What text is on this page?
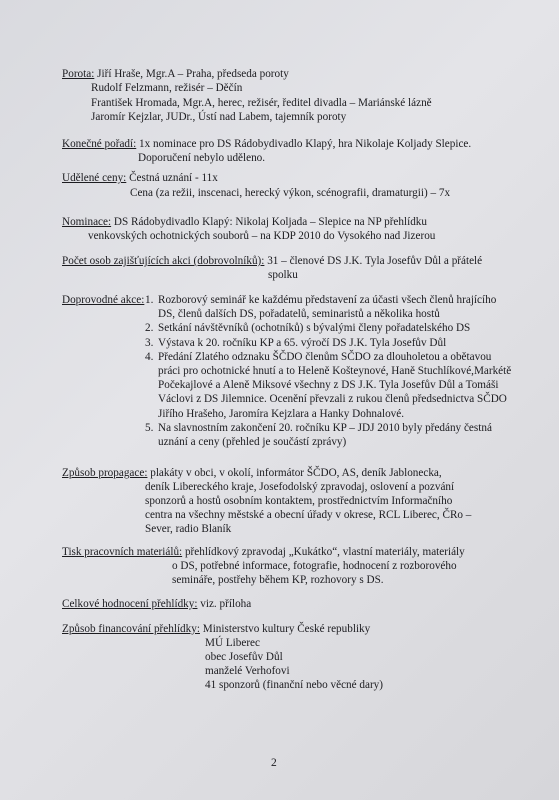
Porota: Jiří Hraše, Mgr.A – Praha, předseda poroty
Rudolf Felzmann, režisér – Děčín
František Hromada, Mgr.A, herec, režisér, ředitel divadla – Mariánské lázně
Jaromír Kejzlar, JUDr., Ústí nad Labem, tajemník poroty
Konečné pořadí: 1x nominace pro DS Rádobydivadlo Klapý, hra Nikolaje Koljady Slepice.
Doporučení nebylo uděleno.
Udělené ceny: Čestná uznání - 11x
Cena (za režii, inscenaci, herecký výkon, scénografii, dramaturgii) – 7x
Nominace: DS Rádobydivadlo Klapý: Nikolaj Koljada – Slepice na NP přehlídku
venkovských ochotnických souborů – na KDP 2010 do Vysokého nad Jizerou
Počet osob zajišťujících akci (dobrovolníků): 31 – členové DS J.K. Tyla Josefův Důl a přátelé
spolku
Doprovodné akce: 1. Rozborový seminář ke každému představení za účasti všech členů hrajícího DS, členů dalších DS, pořadatelů, seminaristů a několika hostů
2. Setkání návštěvníků (ochotníků) s bývalými členy pořadatelského DS
3. Výstava k 20. ročníku KP a 65. výročí DS J.K. Tyla Josefův Důl
4. Předání Zlatého odznaku ŠČDO členům SČDO za dlouholetou a obětavou práci pro ochotnické hnutí a to Heleně Košteynové, Haně Stuchlíkové,Markétě Počekajlové a Aleně Miksové všechny z DS J.K. Tyla Josefův Důl a Tomáši Václovi z DS Jilemnice. Ocenění převzali z rukou členů předsednictva SČDO Jiřího Hrašeho, Jaromíra Kejzlara a Hanky Dohnalové.
5. Na slavnostním zakončení 20. ročníku KP – JDJ 2010 byly předány čestná uznání a ceny (přehled je součástí zprávy)
Způsob propagace: plakáty v obci, v okolí, informátor ŠČDO, AS, deník Jablonecka,
deník Libereckého kraje, Josefodolský zpravodaj, oslovení a pozvání
sponzorů a hostů osobním kontaktem, prostřednictvím Informačního
centra na všechny městské a obecní úřady v okrese, RCL Liberec, ČRo –
Sever, radio Blaník
Tisk pracovních materiálů: přehlídkový zpravodaj „Kukátko“, vlastní materiály, materiály
o DS, potřebné informace, fotografie, hodnocení z rozborového
semináře, postřehy během KP, rozhovory s DS.
Celkové hodnocení přehlídky: viz. příloha
Způsob financování přehlídky: Ministerstvo kultury České republiky
MÚ Liberec
obec Josefův Důl
manželé Verhofovi
41 sponzorů (finanční nebo věcné dary)
2
